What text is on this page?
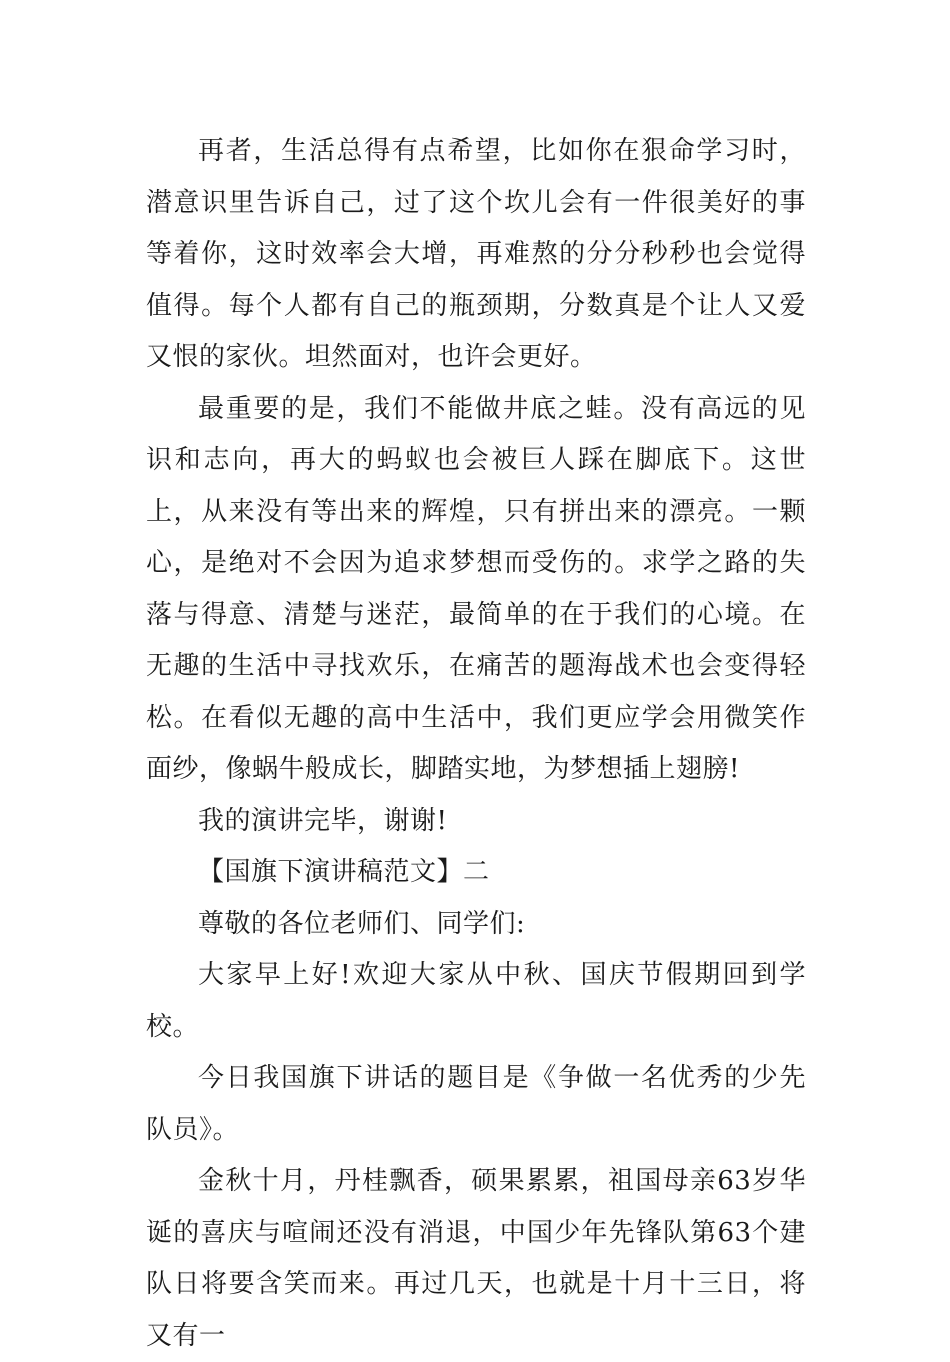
再者，生活总得有点希望，比如你在狠命学习时，潜意识里告诉自己，过了这个坎儿会有一件很美好的事等着你，这时效率会大增，再难熬的分分秒秒也会觉得值得。每个人都有自己的瓶颈期，分数真是个让人又爱又恨的家伙。坦然面对，也许会更好。

最重要的是，我们不能做井底之蛙。没有高远的见识和志向，再大的蚂蚁也会被巨人踩在脚底下。这世上，从来没有等出来的辉煌，只有拼出来的漂亮。一颗心，是绝对不会因为追求梦想而受伤的。求学之路的失落与得意、清楚与迷茫，最简单的在于我们的心境。在无趣的生活中寻找欢乐，在痛苦的题海战术也会变得轻松。在看似无趣的高中生活中，我们更应学会用微笑作面纱，像蜗牛般成长，脚踏实地，为梦想插上翅膀!

我的演讲完毕，谢谢!

【国旗下演讲稿范文】二

尊敬的各位老师们、同学们:

大家早上好!欢迎大家从中秋、国庆节假期回到学校。

今日我国旗下讲话的题目是《争做一名优秀的少先队员》。

金秋十月，丹桂飘香，硕果累累，祖国母亲63岁华诞的喜庆与喧闹还没有消退，中国少年先锋队第63个建队日将要含笑而来。再过几天，也就是十月十三日，将又有一
